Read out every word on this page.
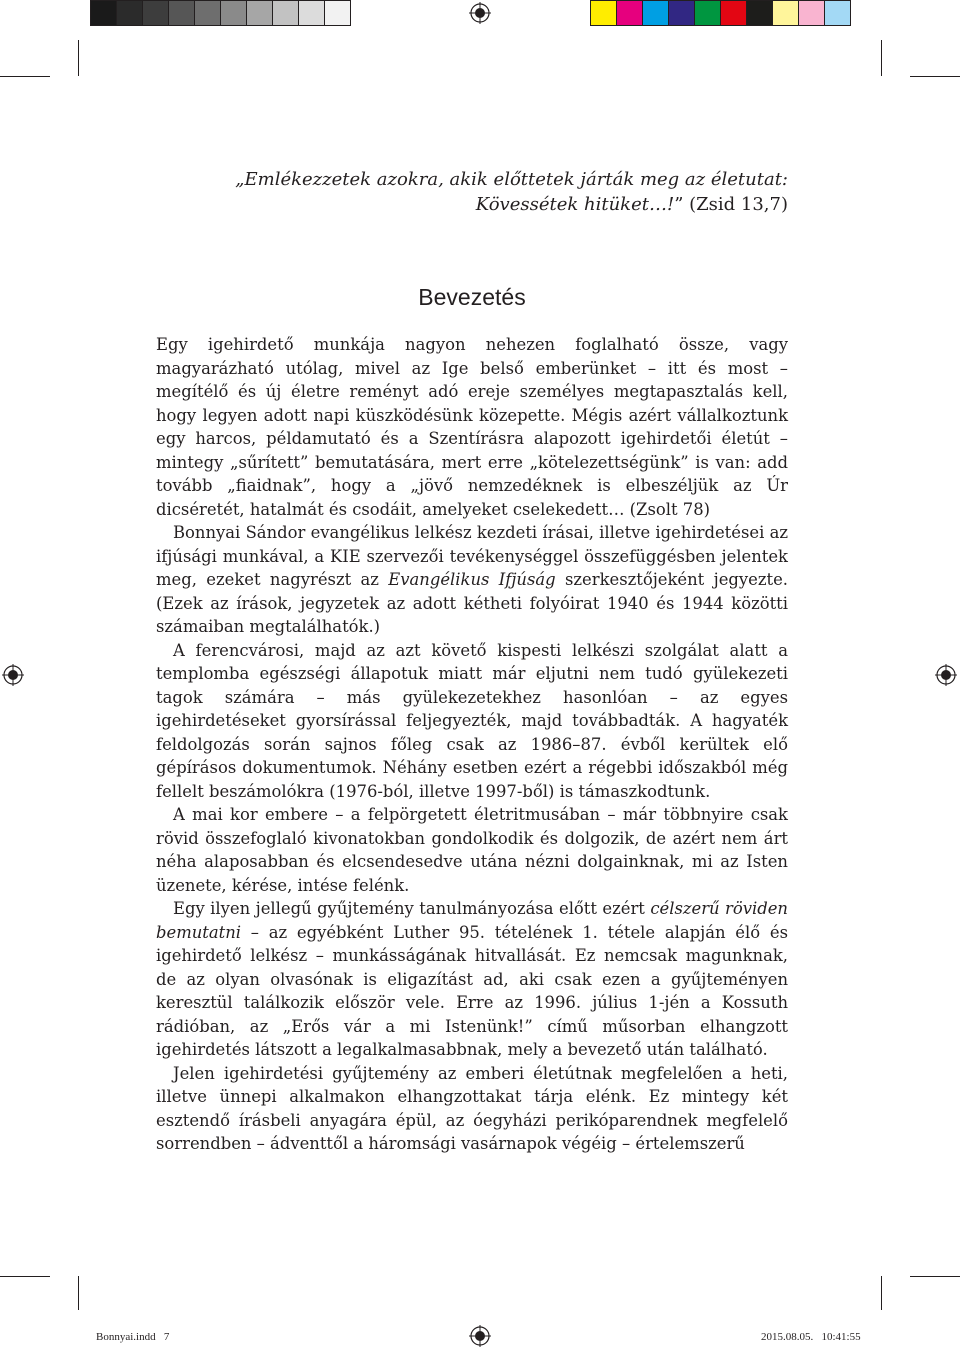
„Emlékezzetek azokra, akik előttetek járták meg az életutat:
Kövessétek hitüket…!” (Zsid 13,7)
Bevezetés

Egy igehirdető munkája nagyon nehezen foglalható össze, vagy magyarázható utólag, mivel az Ige belső emberünket – itt és most – megítélő és új életre reményt adó ereje személyes megtapasztalás kell, hogy legyen adott napi küszködésünk közepette. Mégis azért vállalkoztunk egy harcos, példamutató és a Szentírásra alapozott igehirdetői életút – mintegy „sűrített” bemutatására, mert erre „kötelezettségünk” is van: add tovább „fiaidnak”, hogy a „jövő nemzedéknek is elbeszéljük az Úr dicséretét, hatalmát és csodáit, amelyeket cselekedett… (Zsolt 78)

Bonnyai Sándor evangélikus lelkész kezdeti írásai, illetve igehirdetései az ifjúsági munkával, a KIE szervezői tevékenységgel összefüggésben jelentek meg, ezeket nagyrészt az Evangélikus Ifjúság szerkesztőjeként jegyezte. (Ezek az írások, jegyzetek az adott kétheti folyóirat 1940 és 1944 közötti számaiban megtalálhatók.)

A ferencvárosi, majd az azt követő kispesti lelkészi szolgálat alatt a templomba egészségi állapotuk miatt már eljutni nem tudó gyülekezeti tagok számára – más gyülekezetekhez hasonlóan – az egyes igehirdetéseket gyorsírással feljegyezték, majd továbbadták. A hagyaték feldolgozás során sajnos főleg csak az 1986–87. évből kerültek elő gépírásos dokumentumok. Néhány esetben ezért a régebbi időszakból még fellelt beszámolókra (1976-ból, illetve 1997-ből) is támaszkodtunk.

A mai kor embere – a felpörgetett életritmusában – már többnyire csak rövid összefoglaló kivonatokban gondolkodik és dolgozik, de azért nem árt néha alaposabban és elcsendesedve utána nézni dolgainknak, mi az Isten üzenete, kérése, intése felénk.

Egy ilyen jellegű gyűjtemény tanulmányozása előtt ezért célszerű röviden bemutatni – az egyébként Luther 95. tételének 1. tétele alapján élő és igehirdető lelkész – munkásságának hitvallását. Ez nemcsak magunknak, de az olyan olvasónak is eligazítást ad, aki csak ezen a gyűjteményen keresztül találkozik először vele. Erre az 1996. július 1-jén a Kossuth rádióban, az „Erős vár a mi Istenünk!” című műsorban elhangzott igehirdetés látszott a legalkalmasabbnak, mely a bevezető után található.

Jelen igehirdetési gyűjtemény az emberi életútnak megfelelően a heti, illetve ünnepi alkalmakon elhangzottakat tárja elénk. Ez mintegy két esztendő írásbeli anyagára épül, az óegyházi perikóparendnek megfelelő sorrendben – ádventtől a háromsági vasárnapok végéig – értelemszerű

Bonnyai.indd 7	2015.08.05. 10:41:55
